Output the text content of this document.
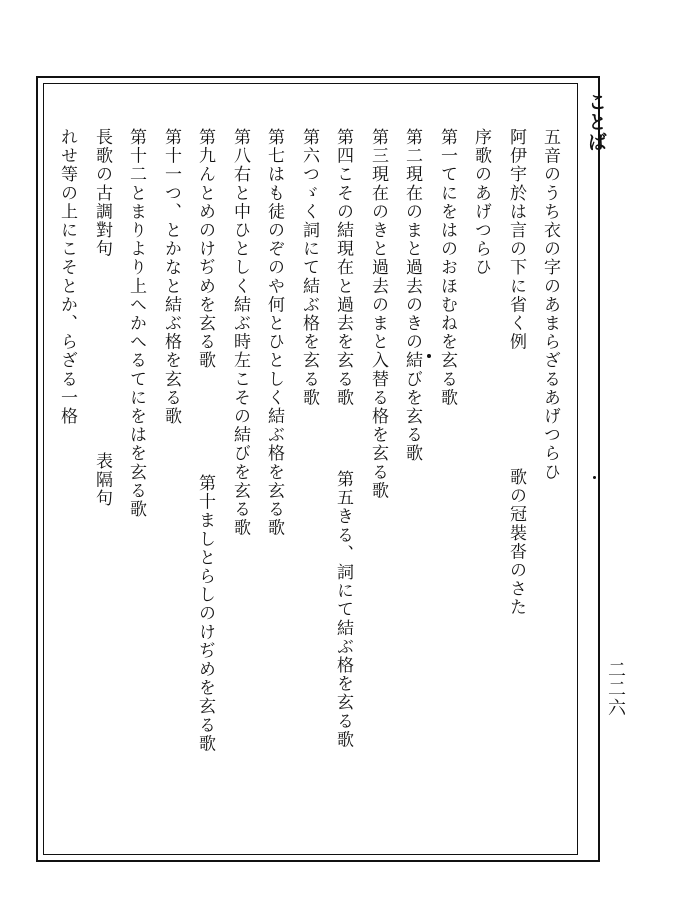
ことば
二二六
五音のうち衣の字のあまらざるあげつらひ
阿伊宇於は言の下に省く例
歌の冠裝沓のさた
序歌のあげつらひ
第一てにをはのおほむねを玄る歌
第二現在のまと過去のきの結びを玄る歌
第三現在のきと過去のまと入替る格を玄る歌
第四こその結現在と過去を玄る歌
第五きる、詞にて結ぶ格を玄る歌
第六つゞく詞にて結ぶ格を玄る歌
第七はも徒のぞのや何とひとしく結ぶ格を玄る歌
第八右と中ひとしく結ぶ時左こその結びを玄る歌
第九んとめのけぢめを玄る歌
第十ましとらしのけぢめを玄る歌
第十一つ、とかなと結ぶ格を玄る歌
第十二とまりより上へかへるてにをはを玄る歌
長歌の古調對句
表隔句
れせ等の上にこそとか、らざる一格
